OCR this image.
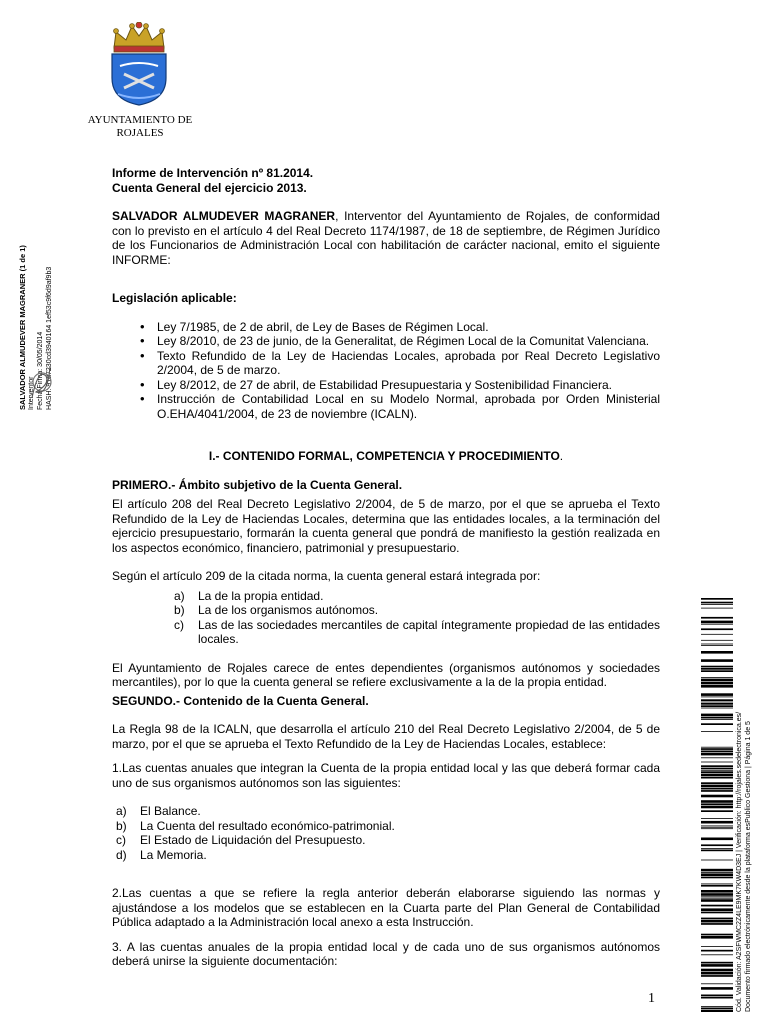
AYUNTAMIENTO DE
ROJALES
SALVADOR ALMUDEVER MAGRANER (1 de 1) Interventor Fecha Firma: 30/05/2014 HASH: 91d7230cd3940164 1ef53c9f6d9af9b3

Informe de Intervención nº 81.2014.

Cuenta General del ejercicio 2013.

SALVADOR ALMUDEVER MAGRANER, Interventor del Ayuntamiento de Rojales, de conformidad con lo previsto en el artículo 4 del Real Decreto 1174/1987, de 18 de septiembre, de Régimen Jurídico de los Funcionarios de Administración Local con habilitación de carácter nacional, emito el siguiente INFORME:

Legislación aplicable:

• Ley 7/1985, de 2 de abril, de Ley de Bases de Régimen Local.
• Ley 8/2010, de 23 de junio, de la Generalitat, de Régimen Local de la Comunitat Valenciana.
• Texto Refundido de la Ley de Haciendas Locales, aprobada por Real Decreto Legislativo 2/2004, de 5 de marzo.
• Ley 8/2012, de 27 de abril, de Estabilidad Presupuestaria y Sostenibilidad Financiera.
• Instrucción de Contabilidad Local en su Modelo Normal, aprobada por Orden Ministerial O.EHA/4041/2004, de 23 de noviembre (ICALN).

I.- CONTENIDO FORMAL, COMPETENCIA Y PROCEDIMIENTO.

PRIMERO.- Ámbito subjetivo de la Cuenta General.

El artículo 208 del Real Decreto Legislativo 2/2004, de 5 de marzo, por el que se aprueba el Texto Refundido de la Ley de Haciendas Locales, determina que las entidades locales, a la terminación del ejercicio presupuestario, formarán la cuenta general que pondrá de manifiesto la gestión realizada en los aspectos económico, financiero, patrimonial y presupuestario.

Según el artículo 209 de la citada norma, la cuenta general estará integrada por:

a) La de la propia entidad.
b) La de los organismos autónomos.
c) Las de las sociedades mercantiles de capital íntegramente propiedad de las entidades locales.

El Ayuntamiento de Rojales carece de entes dependientes (organismos autónomos y sociedades mercantiles), por lo que la cuenta general se refiere exclusivamente a la de la propia entidad.

SEGUNDO.- Contenido de la Cuenta General.

La Regla 98 de la ICALN, que desarrolla el artículo 210 del Real Decreto Legislativo 2/2004, de 5 de marzo, por el que se aprueba el Texto Refundido de la Ley de Haciendas Locales, establece:

1.Las cuentas anuales que integran la Cuenta de la propia entidad local y las que deberá formar cada uno de sus organismos autónomos son las siguientes:

a) El Balance.
b) La Cuenta del resultado económico-patrimonial.
c) El Estado de Liquidación del Presupuesto.
d) La Memoria.

2.Las cuentas a que se refiere la regla anterior deberán elaborarse siguiendo las normas y ajustándose a los modelos que se establecen en la Cuarta parte del Plan General de Contabilidad Pública adaptado a la Administración local anexo a esta Instrucción.

3. A las cuentas anuales de la propia entidad local y de cada uno de sus organismos autónomos deberá unirse la siguiente documentación:

1	Cód. Validación: A2SFWMC2Z4LE9MK7KW4D3EJ | Verificación: http://rojales.sedelectronica.es/ Documento firmado electrónicamente desde la plataforma esPublico Gestiona | Página 1 de 5
